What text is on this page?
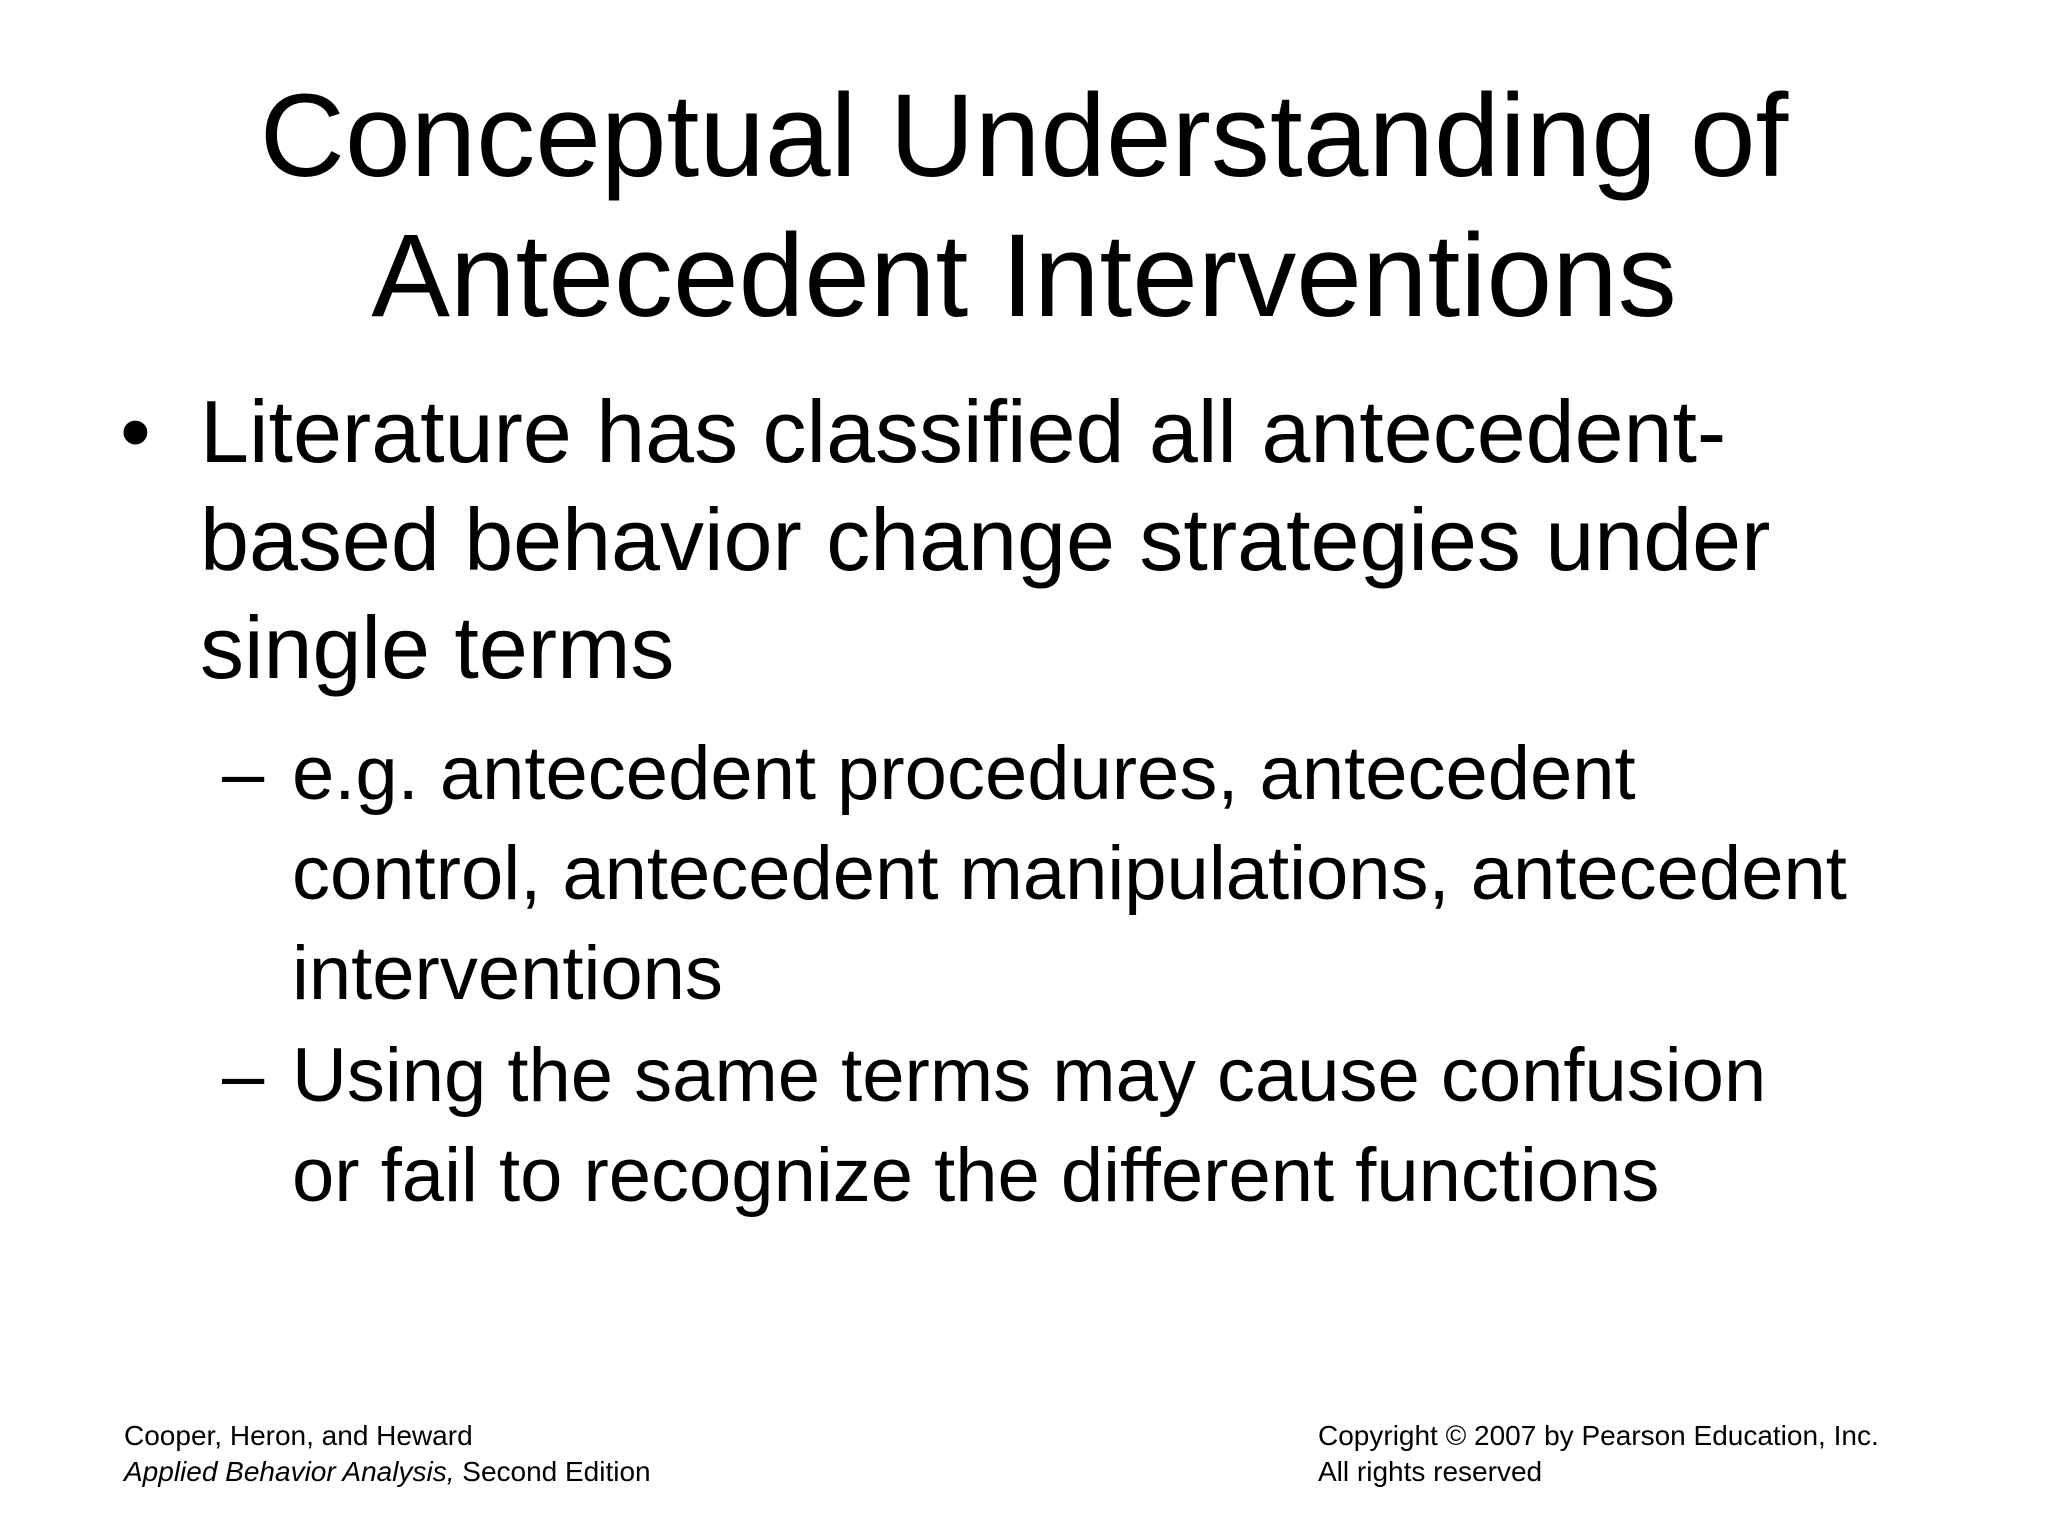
Conceptual Understanding of
Antecedent Interventions
• Literature has classified all antecedent-
based behavior change strategies under
single terms
– e.g. antecedent procedures, antecedent
control, antecedent manipulations, antecedent
interventions
– Using the same terms may cause confusion
or fail to recognize the different functions
Cooper, Heron, and Heward
Applied Behavior Analysis, Second Edition
Copyright © 2007 by Pearson Education, Inc.
All rights reserved
